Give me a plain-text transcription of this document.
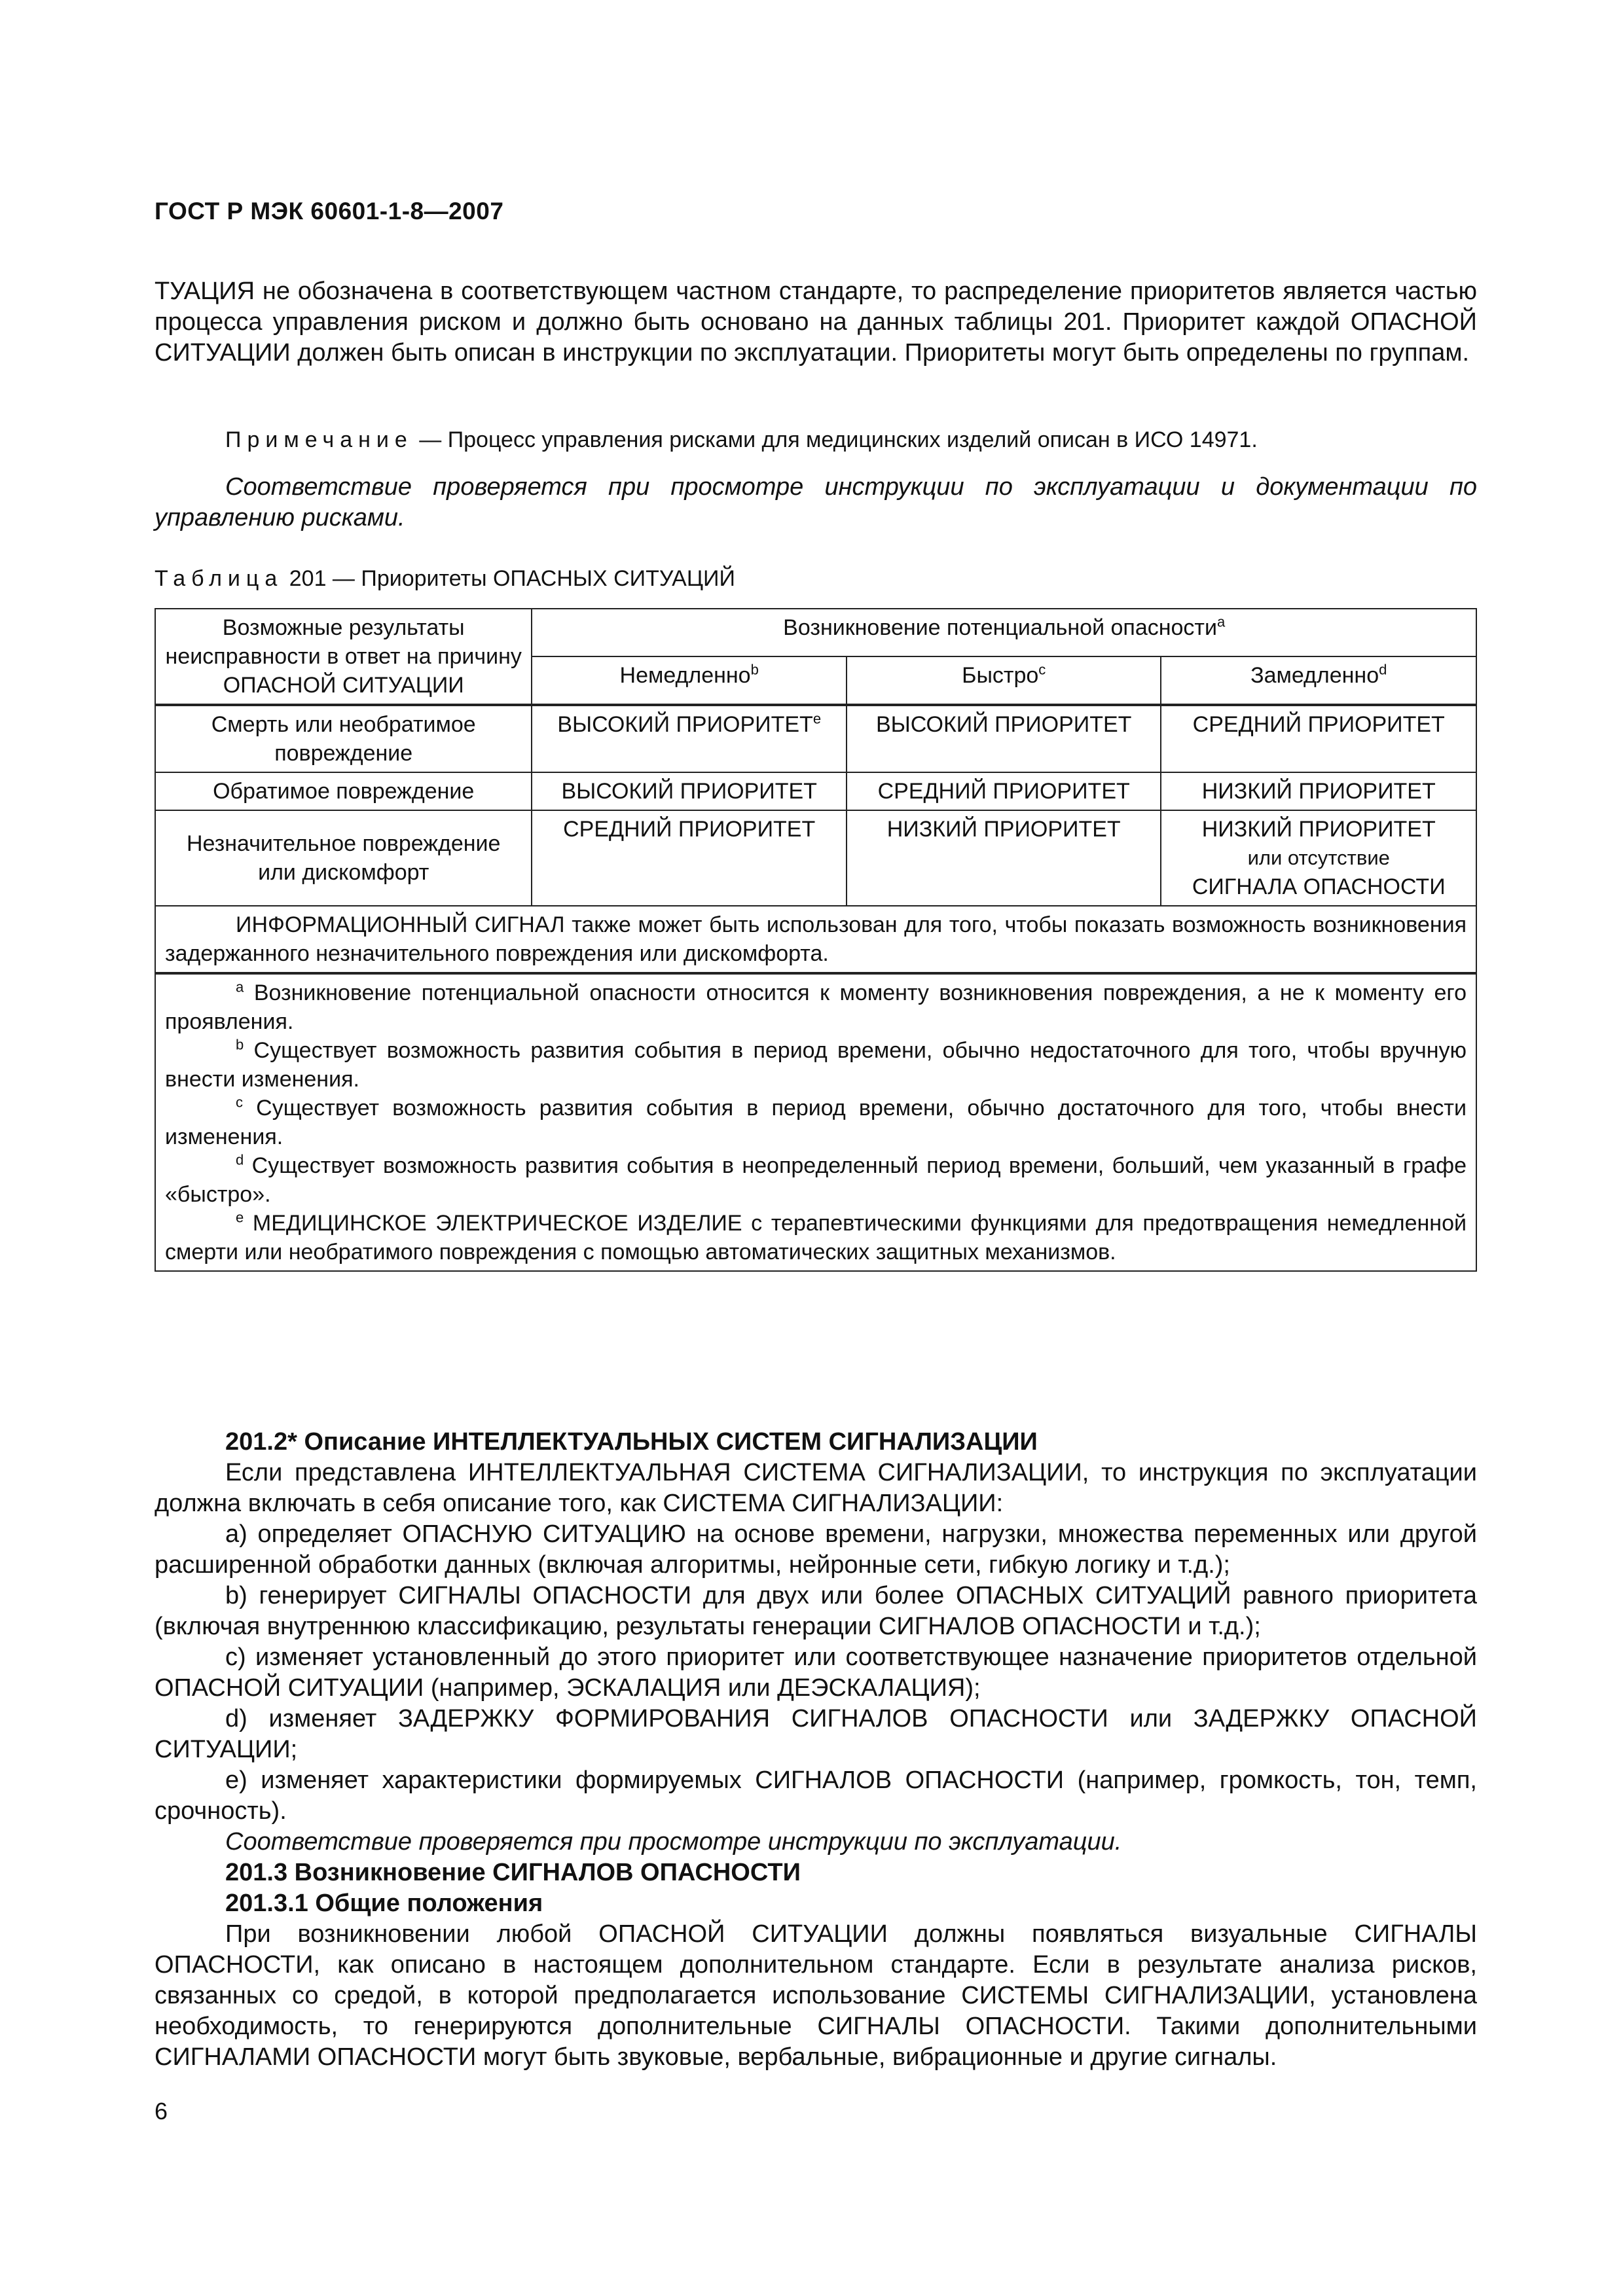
ГОСТ Р МЭК 60601-1-8—2007
ТУАЦИЯ не обозначена в соответствующем частном стандарте, то распределение приоритетов является частью процесса управления риском и должно быть основано на данных таблицы 201. Приоритет каждой ОПАСНОЙ СИТУАЦИИ должен быть описан в инструкции по эксплуатации. Приоритеты могут быть определены по группам.
Примечание — Процесс управления рисками для медицинских изделий описан в ИСО 14971.
Соответствие проверяется при просмотре инструкции по эксплуатации и документации по управлению рисками.
Таблица 201 — Приоритеты ОПАСНЫХ СИТУАЦИЙ
Возможные результаты неисправности в ответ на причину ОПАСНОЙ СИТУАЦИИ	Возникновение потенциальной опасности$^a$
	Немедленно$^b$	Быстро$^c$	Замедленно$^d$
Смерть или необратимое повреждение	ВЫСОКИЙ ПРИОРИТЕТ$^e$	ВЫСОКИЙ ПРИОРИТЕТ	СРЕДНИЙ ПРИОРИТЕТ
Обратимое повреждение	ВЫСОКИЙ ПРИОРИТЕТ	СРЕДНИЙ ПРИОРИТЕТ	НИЗКИЙ ПРИОРИТЕТ
Незначительное повреждение или дискомфорт	СРЕДНИЙ ПРИОРИТЕТ	НИЗКИЙ ПРИОРИТЕТ	НИЗКИЙ ПРИОРИТЕТ
или отсутствие
СИГНАЛА ОПАСНОСТИ

ИНФОРМАЦИОННЫЙ СИГНАЛ также может быть использован для того, чтобы показать возможность возникновения задержанного незначительного повреждения или дискомфорта.			

$^a$ Возникновение потенциальной опасности относится к моменту возникновения повреждения, а не к моменту его проявления.
$^b$ Существует возможность развития события в период времени, обычно недостаточного для того, чтобы вручную внести изменения.
$^c$ Существует возможность развития события в период времени, обычно достаточного для того, чтобы внести изменения.
$^d$ Существует возможность развития события в неопределенный период времени, больший, чем указанный в графе «быстро».
$^e$ МЕДИЦИНСКОЕ ЭЛЕКТРИЧЕСКОЕ ИЗДЕЛИЕ с терапевтическими функциями для предотвращения немедленной смерти или необратимого повреждения с помощью автоматических защитных механизмов.			
201.2* Описание ИНТЕЛЛЕКТУАЛЬНЫХ СИСТЕМ СИГНАЛИЗАЦИИ
Если представлена ИНТЕЛЛЕКТУАЛЬНАЯ СИСТЕМА СИГНАЛИЗАЦИИ, то инструкция по эксплуатации должна включать в себя описание того, как СИСТЕМА СИГНАЛИЗАЦИИ:
a) определяет ОПАСНУЮ СИТУАЦИЮ на основе времени, нагрузки, множества переменных или другой расширенной обработки данных (включая алгоритмы, нейронные сети, гибкую логику и т.д.);
b) генерирует СИГНАЛЫ ОПАСНОСТИ для двух или более ОПАСНЫХ СИТУАЦИЙ равного приоритета (включая внутреннюю классификацию, результаты генерации СИГНАЛОВ ОПАСНОСТИ и т.д.);
c) изменяет установленный до этого приоритет или соответствующее назначение приоритетов отдельной ОПАСНОЙ СИТУАЦИИ (например, ЭСКАЛАЦИЯ или ДЕЭСКАЛАЦИЯ);
d) изменяет ЗАДЕРЖКУ ФОРМИРОВАНИЯ СИГНАЛОВ ОПАСНОСТИ или ЗАДЕРЖКУ ОПАСНОЙ СИТУАЦИИ;
e) изменяет характеристики формируемых СИГНАЛОВ ОПАСНОСТИ (например, громкость, тон, темп, срочность).
Соответствие проверяется при просмотре инструкции по эксплуатации.
201.3 Возникновение СИГНАЛОВ ОПАСНОСТИ
201.3.1 Общие положения
При возникновении любой ОПАСНОЙ СИТУАЦИИ должны появляться визуальные СИГНАЛЫ ОПАСНОСТИ, как описано в настоящем дополнительном стандарте. Если в результате анализа рисков, связанных со средой, в которой предполагается использование СИСТЕМЫ СИГНАЛИЗАЦИИ, установлена необходимость, то генерируются дополнительные СИГНАЛЫ ОПАСНОСТИ. Такими дополнительными СИГНАЛАМИ ОПАСНОСТИ могут быть звуковые, вербальные, вибрационные и другие сигналы.
6
